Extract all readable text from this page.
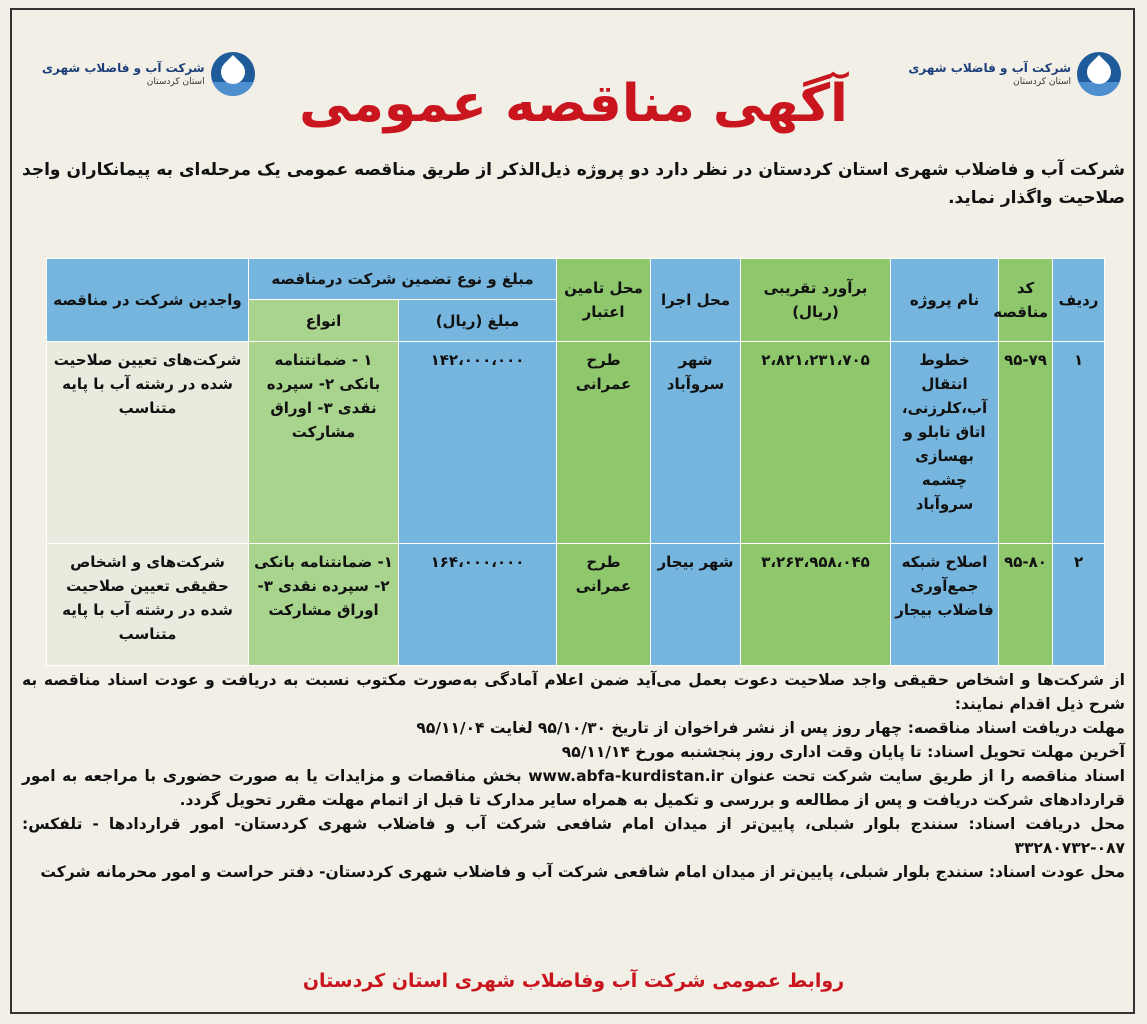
شرکت آب و فاضلاب شهری
استان کردستان
شرکت آب و فاضلاب شهری
استان کردستان	آگهی مناقصه عمومی
شرکت آب و فاضلاب شهری استان کردستان در نظر دارد دو پروژه ذیل‌الذکر از طریق مناقصه عمومی یک مرحله‌ای به پیمانکاران واجد صلاحیت واگذار نماید.
ردیف	کد مناقصه	نام پروژه	برآورد تقریبی (ریال)	محل اجرا	محل تامین اعتبار	مبلغ و نوع تضمین شرکت درمناقصه		واجدین شرکت در مناقصه
						مبلغ (ریال)	انواع	
۱	۹۵-۷۹	خطوط انتقال آب،کلرزنی، اتاق تابلو و بهسازی چشمه سروآباد	۲،۸۲۱،۲۳۱،۷۰۵	شهر سروآباد	طرح عمرانی	۱۴۲،۰۰۰،۰۰۰	۱ - ضمانتنامه بانکی ۲- سپرده نقدی ۳- اوراق مشارکت	شرکت‌های تعیین صلاحیت شده در رشته آب با پایه متناسب
۲	۹۵-۸۰	اصلاح شبکه جمع‌آوری فاضلاب بیجار	۳،۲۶۳،۹۵۸،۰۴۵	شهر بیجار	طرح عمرانی	۱۶۴،۰۰۰،۰۰۰	۱- ضمانتنامه بانکی ۲- سپرده نقدی ۳- اوراق مشارکت	شرکت‌های و اشخاص حقیقی تعیین صلاحیت شده در رشته آب با پایه متناسب

از شرکت‌ها و اشخاص حقیقی واجد صلاحیت دعوت بعمل می‌آید ضمن اعلام آمادگی به‌صورت مکتوب نسبت به دریافت و عودت اسناد مناقصه به شرح ذیل اقدام نمایند:

مهلت دریافت اسناد مناقصه: چهار روز پس از نشر فراخوان از تاریخ ۹۵/۱۰/۳۰ لغایت ۹۵/۱۱/۰۴

آخرین مهلت تحویل اسناد: تا پایان وقت اداری روز پنجشنبه مورخ ۹۵/۱۱/۱۴

اسناد مناقصه را از طریق سایت شرکت تحت عنوان www.abfa-kurdistan.ir بخش مناقصات و مزایدات یا به صورت حضوری با مراجعه به امور قراردادهای شرکت دریافت و پس از مطالعه و بررسی و تکمیل به همراه سایر مدارک تا قبل از اتمام مهلت مقرر تحویل گردد.

محل دریافت اسناد: سنندج بلوار شبلی، پایین‌تر از میدان امام شافعی شرکت آب و فاضلاب شهری کردستان- امور قراردادها - تلفکس: ۰۸۷-۳۳۲۸۰۷۳۲

محل عودت اسناد: سنندج بلوار شبلی، پایین‌تر از میدان امام شافعی شرکت آب و فاضلاب شهری کردستان- دفتر حراست و امور محرمانه شرکت

روابط عمومی شرکت آب وفاضلاب شهری استان کردستان
